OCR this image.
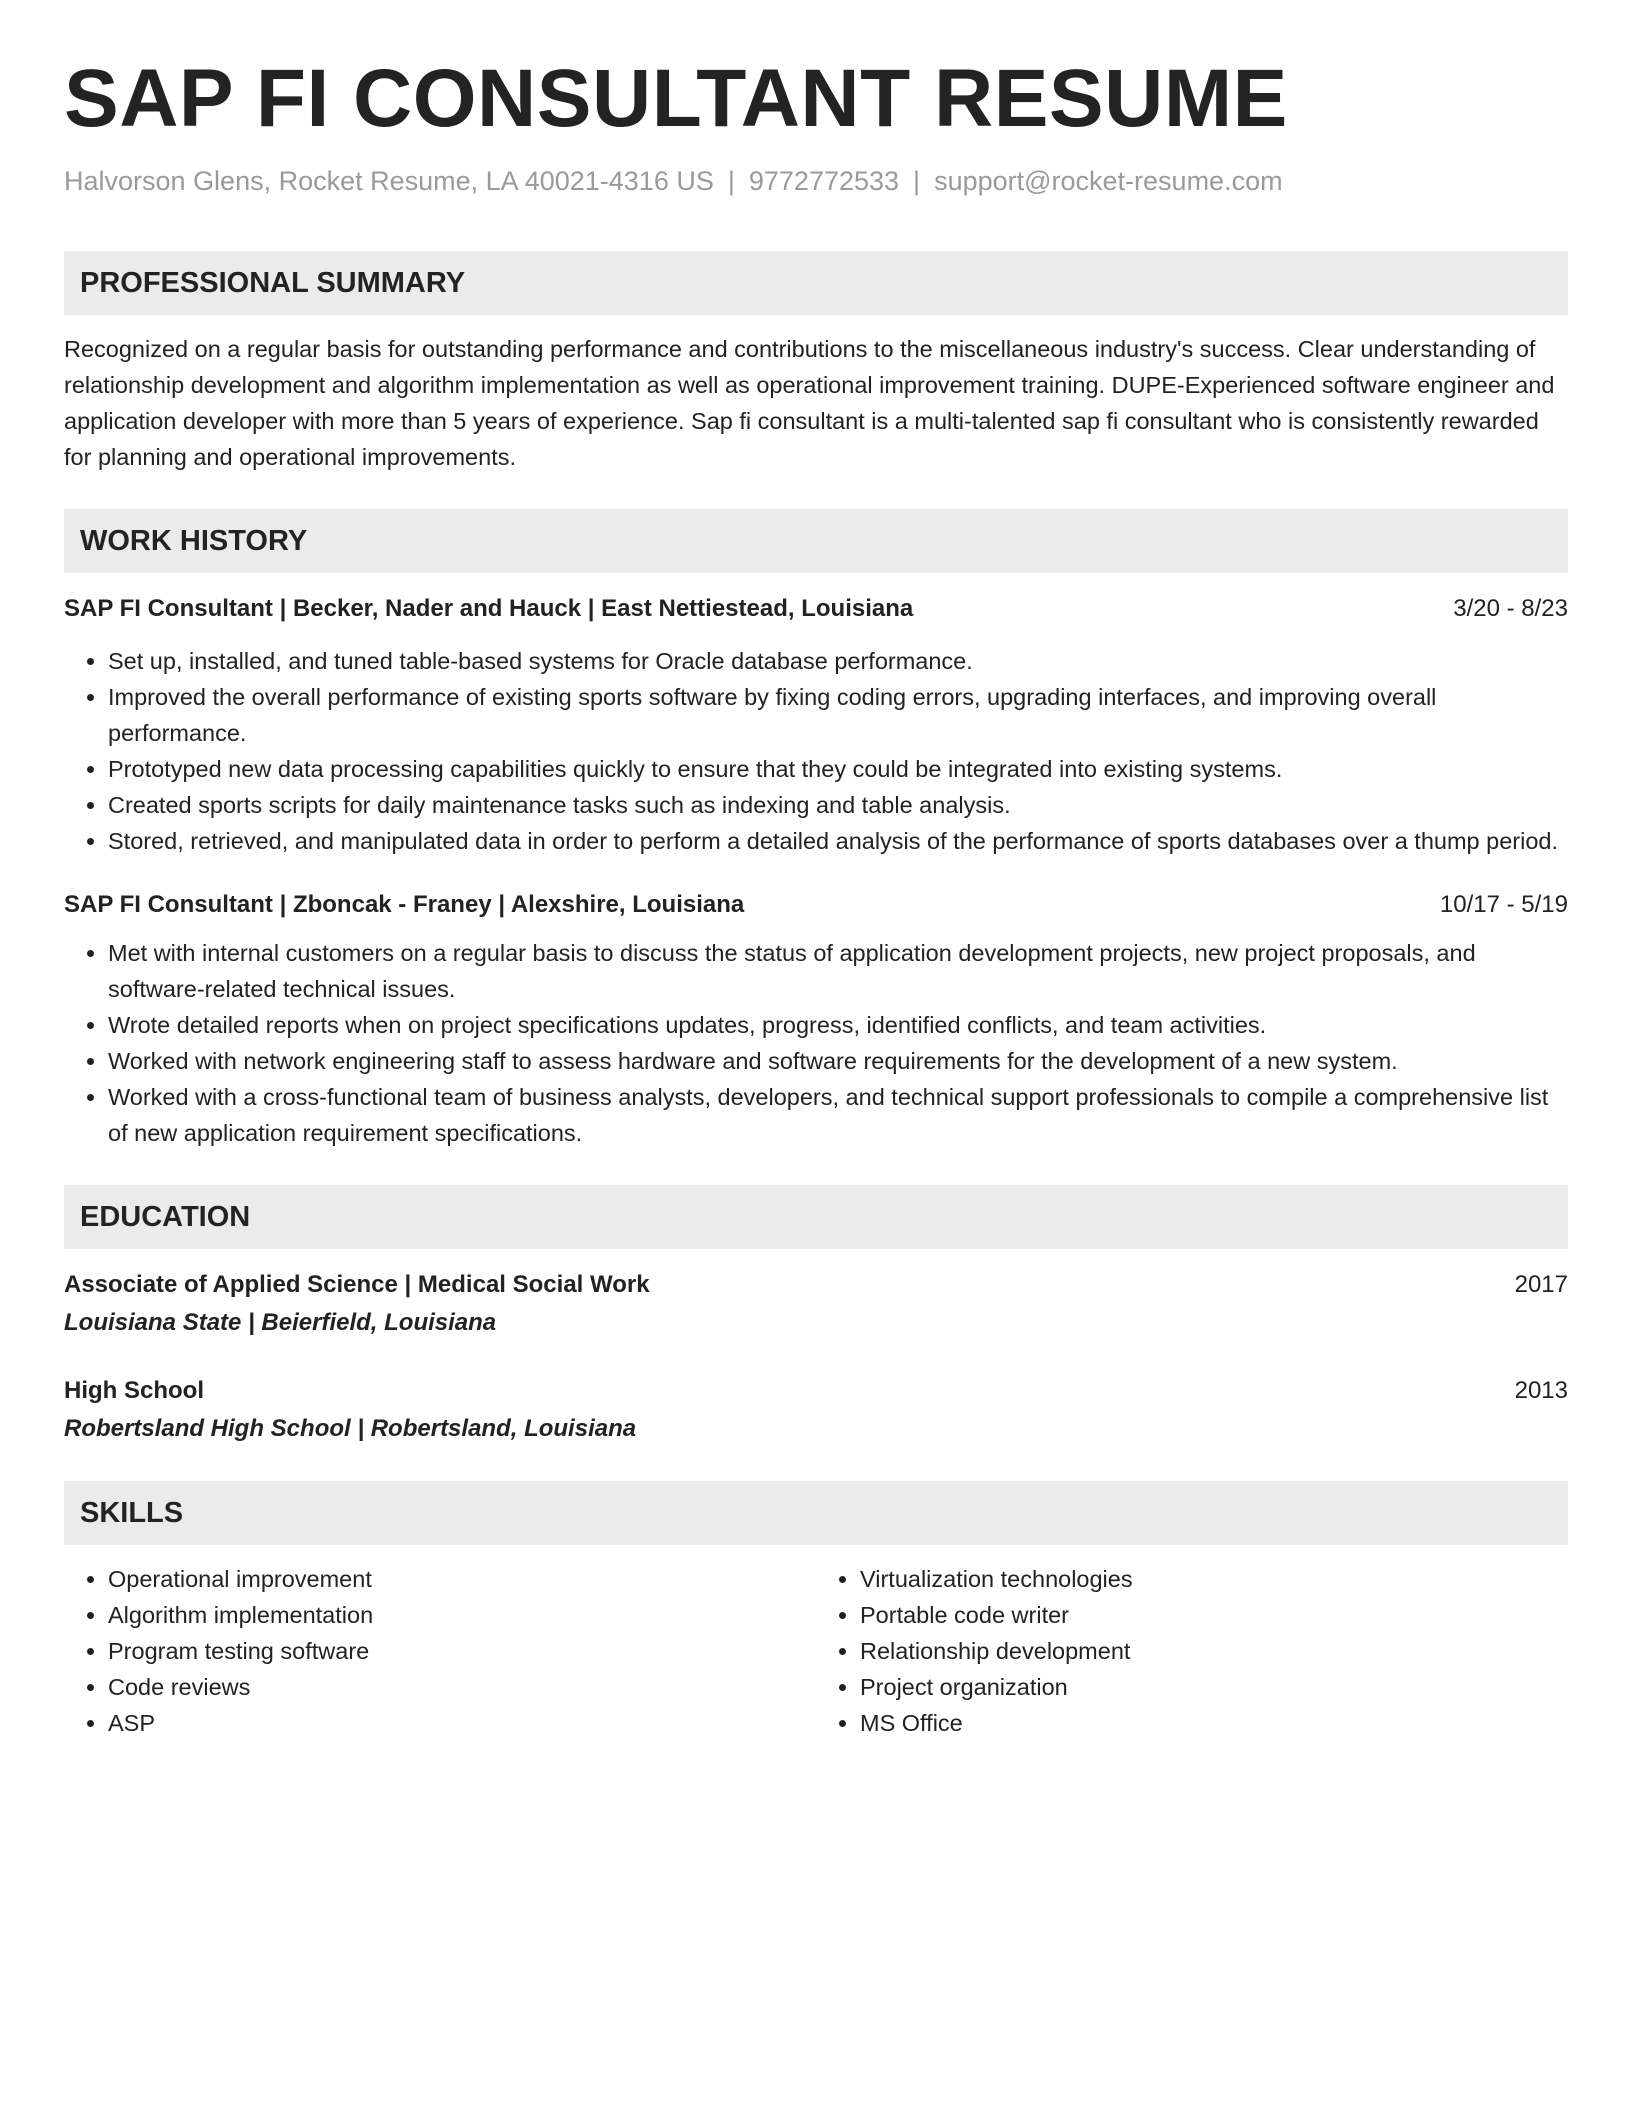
SAP FI CONSULTANT RESUME
Halvorson Glens, Rocket Resume, LA 40021-4316 US | 9772772533 | support@rocket-resume.com
PROFESSIONAL SUMMARY
Recognized on a regular basis for outstanding performance and contributions to the miscellaneous industry's success. Clear understanding of relationship development and algorithm implementation as well as operational improvement training. DUPE-Experienced software engineer and application developer with more than 5 years of experience. Sap fi consultant is a multi-talented sap fi consultant who is consistently rewarded for planning and operational improvements.
WORK HISTORY
SAP FI Consultant | Becker, Nader and Hauck | East Nettiestead, Louisiana	3/20 - 8/23
• Set up, installed, and tuned table-based systems for Oracle database performance.
• Improved the overall performance of existing sports software by fixing coding errors, upgrading interfaces, and improving overall performance.
• Prototyped new data processing capabilities quickly to ensure that they could be integrated into existing systems.
• Created sports scripts for daily maintenance tasks such as indexing and table analysis.
• Stored, retrieved, and manipulated data in order to perform a detailed analysis of the performance of sports databases over a thump period.
SAP FI Consultant | Zboncak - Franey | Alexshire, Louisiana	10/17 - 5/19
• Met with internal customers on a regular basis to discuss the status of application development projects, new project proposals, and software-related technical issues.
• Wrote detailed reports when on project specifications updates, progress, identified conflicts, and team activities.
• Worked with network engineering staff to assess hardware and software requirements for the development of a new system.
• Worked with a cross-functional team of business analysts, developers, and technical support professionals to compile a comprehensive list of new application requirement specifications.
EDUCATION
Associate of Applied Science | Medical Social Work	2017
Louisiana State | Beierfield, Louisiana
High School	2013
Robertsland High School | Robertsland, Louisiana
SKILLS
• Operational improvement
• Algorithm implementation
• Program testing software
• Code reviews
• ASP
• Virtualization technologies
• Portable code writer
• Relationship development
• Project organization
• MS Office
